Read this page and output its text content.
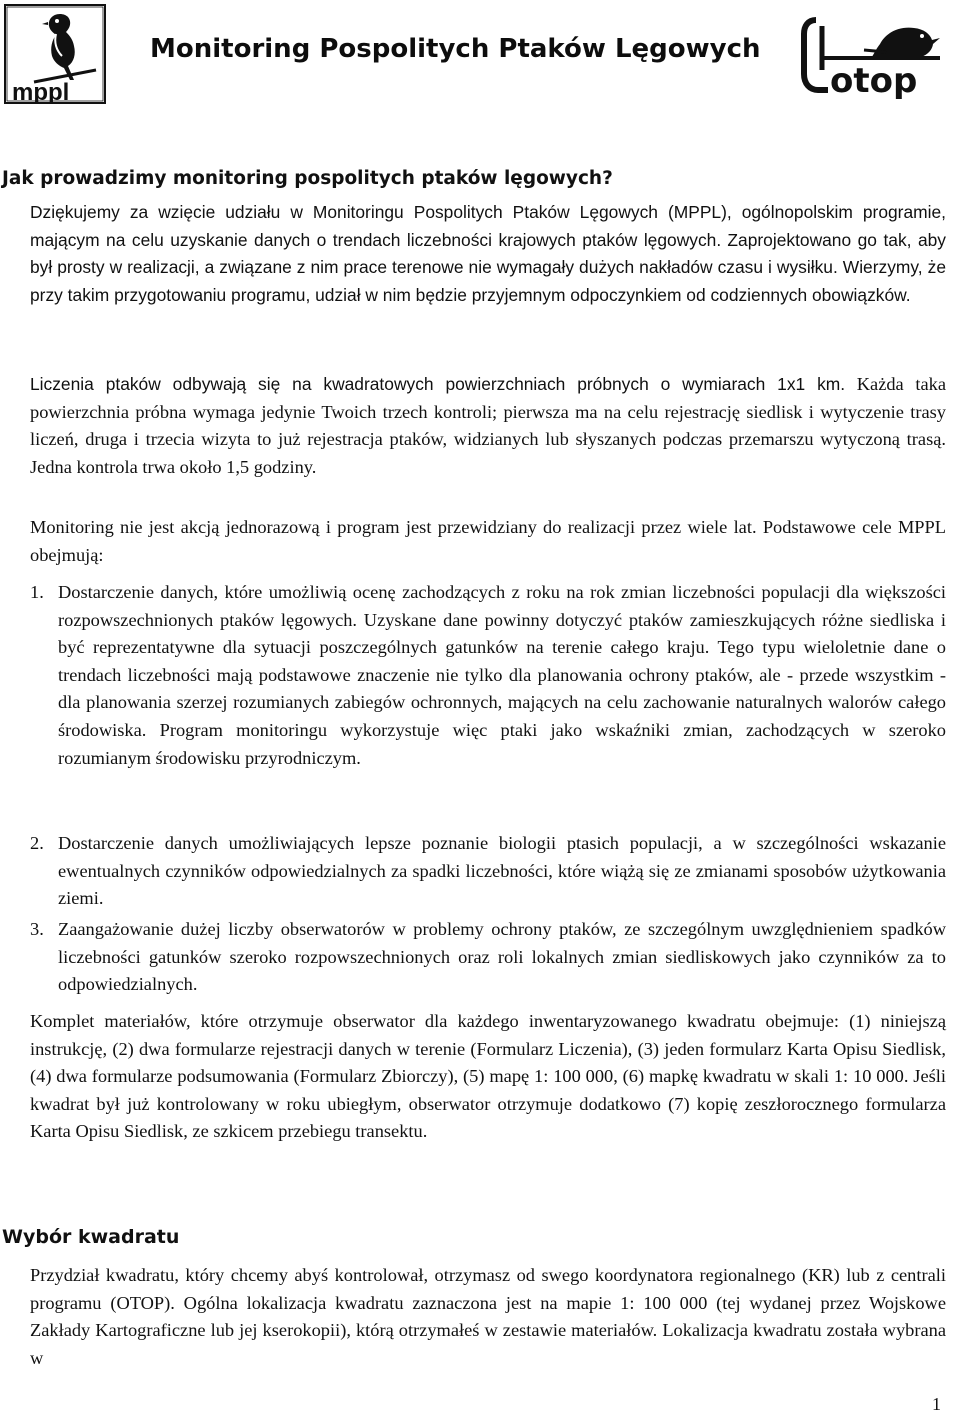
mppl
Monitoring Pospolitych Ptaków Lęgowych
otop
Jak prowadzimy monitoring pospolitych ptaków lęgowych?

Dziękujemy za wzięcie udziału w Monitoringu Pospolitych Ptaków Lęgowych (MPPL), ogólnopolskim programie, mającym na celu uzyskanie danych o trendach liczebności krajowych ptaków lęgowych. Zaprojektowano go tak, aby był prosty w realizacji, a związane z nim prace terenowe nie wymagały dużych nakładów czasu i wysiłku. Wierzymy, że przy takim przygotowaniu programu, udział w nim będzie przyjemnym odpoczynkiem od codziennych obowiązków.

Liczenia ptaków odbywają się na kwadratowych powierzchniach próbnych o wymiarach 1x1 km. Każda taka powierzchnia próbna wymaga jedynie Twoich trzech kontroli; pierwsza ma na celu rejestrację siedlisk i wytyczenie trasy liczeń, druga i trzecia wizyta to już rejestracja ptaków, widzianych lub słyszanych podczas przemarszu wytyczoną trasą. Jedna kontrola trwa około 1,5 godziny.

Monitoring nie jest akcją jednorazową i program jest przewidziany do realizacji przez wiele lat. Podstawowe cele MPPL obejmują:

1. Dostarczenie danych, które umożliwią ocenę zachodzących z roku na rok zmian liczebności populacji dla większości rozpowszechnionych ptaków lęgowych. Uzyskane dane powinny dotyczyć ptaków zamieszkujących różne siedliska i być reprezentatywne dla sytuacji poszczególnych gatunków na terenie całego kraju. Tego typu wieloletnie dane o trendach liczebności mają podstawowe znaczenie nie tylko dla planowania ochrony ptaków, ale - przede wszystkim - dla planowania szerzej rozumianych zabiegów ochronnych, mających na celu zachowanie naturalnych walorów całego środowiska. Program monitoringu wykorzystuje więc ptaki jako wskaźniki zmian, zachodzących w szeroko rozumianym środowisku przyrodniczym.

2. Dostarczenie danych umożliwiających lepsze poznanie biologii ptasich populacji, a w szczególności wskazanie ewentualnych czynników odpowiedzialnych za spadki liczebności, które wiążą się ze zmianami sposobów użytkowania ziemi.

3. Zaangażowanie dużej liczby obserwatorów w problemy ochrony ptaków, ze szczególnym uwzględnieniem spadków liczebności gatunków szeroko rozpowszechnionych oraz roli lokalnych zmian siedliskowych jako czynników za to odpowiedzialnych.

Komplet materiałów, które otrzymuje obserwator dla każdego inwentaryzowanego kwadratu obejmuje: (1) niniejszą instrukcję, (2) dwa formularze rejestracji danych w terenie (Formularz Liczenia), (3) jeden formularz Karta Opisu Siedlisk, (4) dwa formularze podsumowania (Formularz Zbiorczy), (5) mapę 1: 100 000, (6) mapkę kwadratu w skali 1: 10 000. Jeśli kwadrat był już kontrolowany w roku ubiegłym, obserwator otrzymuje dodatkowo (7) kopię zeszłorocznego formularza Karta Opisu Siedlisk, ze szkicem przebiegu transektu.

Wybór kwadratu

Przydział kwadratu, który chcemy abyś kontrolował, otrzymasz od swego koordynatora regionalnego (KR) lub z centrali programu (OTOP). Ogólna lokalizacja kwadratu zaznaczona jest na mapie 1: 100 000 (tej wydanej przez Wojskowe Zakłady Kartograficzne lub jej kserokopii), którą otrzymałeś w zestawie materiałów. Lokalizacja kwadratu została wybrana w

1
